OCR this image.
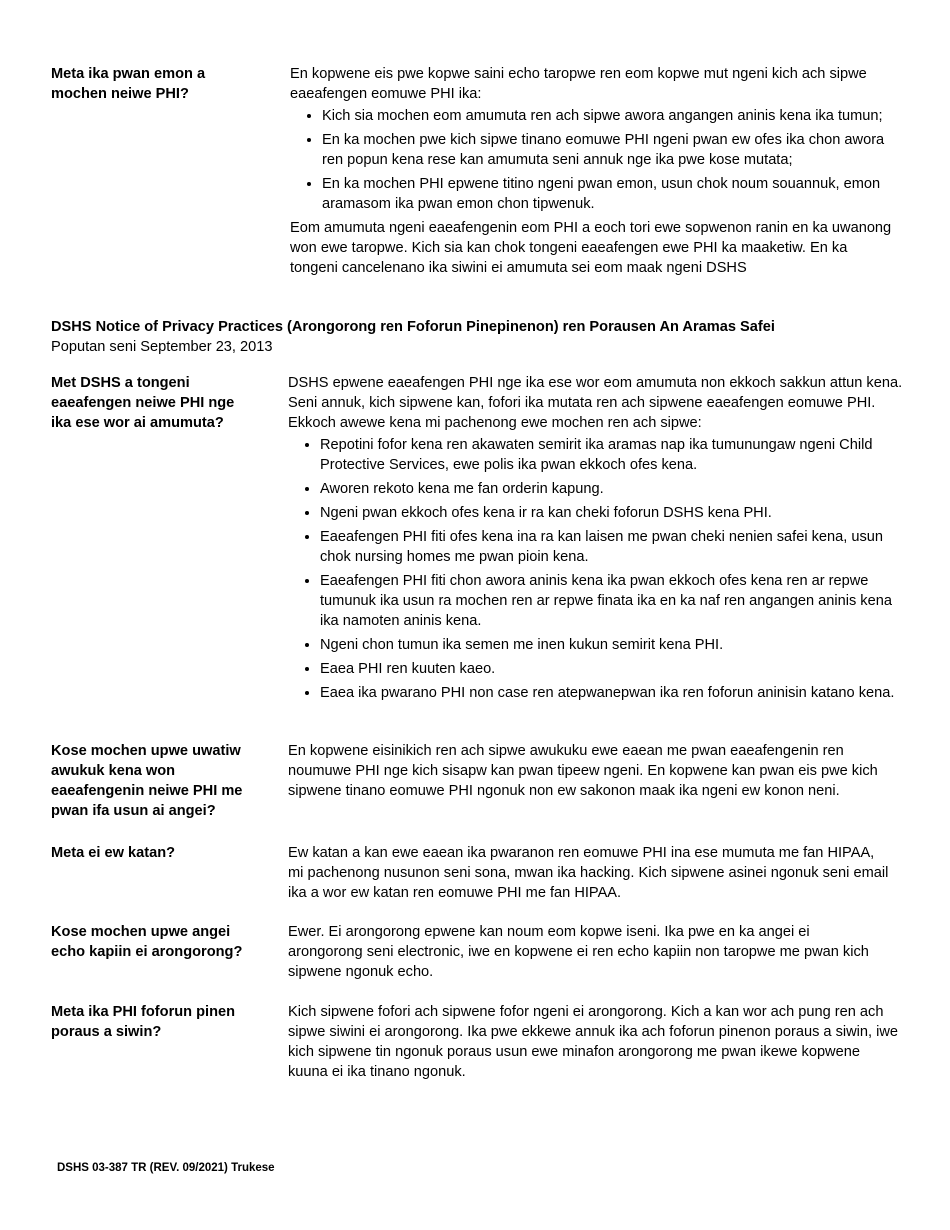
Meta ika pwan emon a mochen neiwe PHI?

En kopwene eis pwe kopwe saini echo taropwe ren eom kopwe mut ngeni kich ach sipwe eaeafengen eomuwe PHI ika:

• Kich sia mochen eom amumuta ren ach sipwe awora angangen aninis kena ika tumun;
• En ka mochen pwe kich sipwe tinano eomuwe PHI ngeni pwan ew ofes ika chon awora ren popun kena rese kan amumuta seni annuk nge ika pwe kose mutata;
• En ka mochen PHI epwene titino ngeni pwan emon, usun chok noum souannuk, emon aramasom ika pwan emon chon tipwenuk.

Eom amumuta ngeni eaeafengenin eom PHI a eoch tori ewe sopwenon ranin en ka uwanong won ewe taropwe. Kich sia kan chok tongeni eaeafengen ewe PHI ka maaketiw. En ka tongeni cancelenano ika siwini ei amumuta sei eom maak ngeni DSHS

DSHS Notice of Privacy Practices (Arongorong ren Foforun Pinepinenon) ren Porausen An Aramas Safei
Poputan seni September 23, 2013
Met DSHS a tongeni eaeafengen neiwe PHI nge ika ese wor ai amumuta?

DSHS epwene eaeafengen PHI nge ika ese wor eom amumuta non ekkoch sakkun attun kena. Seni annuk, kich sipwene kan, fofori ika mutata ren ach sipwene eaeafengen eomuwe PHI. Ekkoch awewe kena mi pachenong ewe mochen ren ach sipwe:

• Repotini fofor kena ren akawaten semirit ika aramas nap ika tumunungaw ngeni Child Protective Services, ewe polis ika pwan ekkoch ofes kena.
• Aworen rekoto kena me fan orderin kapung.
• Ngeni pwan ekkoch ofes kena ir ra kan cheki foforun DSHS kena PHI.
• Eaeafengen PHI fiti ofes kena ina ra kan laisen me pwan cheki nenien safei kena, usun chok nursing homes me pwan pioin kena.
• Eaeafengen PHI fiti chon awora aninis kena ika pwan ekkoch ofes kena ren ar repwe tumunuk ika usun ra mochen ren ar repwe finata ika en ka naf ren angangen aninis kena ika namoten aninis kena.
• Ngeni chon tumun ika semen me inen kukun semirit kena PHI.
• Eaea PHI ren kuuten kaeo.
• Eaea ika pwarano PHI non case ren atepwanepwan ika ren foforun aninisin katano kena.
Kose mochen upwe uwatiw awukuk kena won eaeafengenin neiwe PHI me pwan ifa usun ai angei?

En kopwene eisinikich ren ach sipwe awukuku ewe eaean me pwan eaeafengenin ren noumuwe PHI nge kich sisapw kan pwan tipeew ngeni. En kopwene kan pwan eis pwe kich sipwene tinano eomuwe PHI ngonuk non ew sakonon maak ika ngeni ew konon neni.

Meta ei ew katan?	Ew katan a kan ewe eaean ika pwaranon ren eomuwe PHI ina ese mumuta me fan HIPAA, mi pachenong nusunon seni sona, mwan ika hacking. Kich sipwene asinei ngonuk seni email ika a wor ew katan ren eomuwe PHI me fan HIPAA.

Kose mochen upwe angei echo kapiin ei arongorong?

Ewer. Ei arongorong epwene kan noum eom kopwe iseni. Ika pwe en ka angei ei arongorong seni electronic, iwe en kopwene ei ren echo kapiin non taropwe me pwan kich sipwene ngonuk echo.

Meta ika PHI foforun pinen poraus a siwin?

Kich sipwene fofori ach sipwene fofor ngeni ei arongorong. Kich a kan wor ach pung ren ach sipwe siwini ei arongorong. Ika pwe ekkewe annuk ika ach foforun pinenon poraus a siwin, iwe kich sipwene tin ngonuk poraus usun ewe minafon arongorong me pwan ikewe kopwene kuuna ei ika tinano ngonuk.

DSHS 03-387 TR (REV. 09/2021) Trukese
